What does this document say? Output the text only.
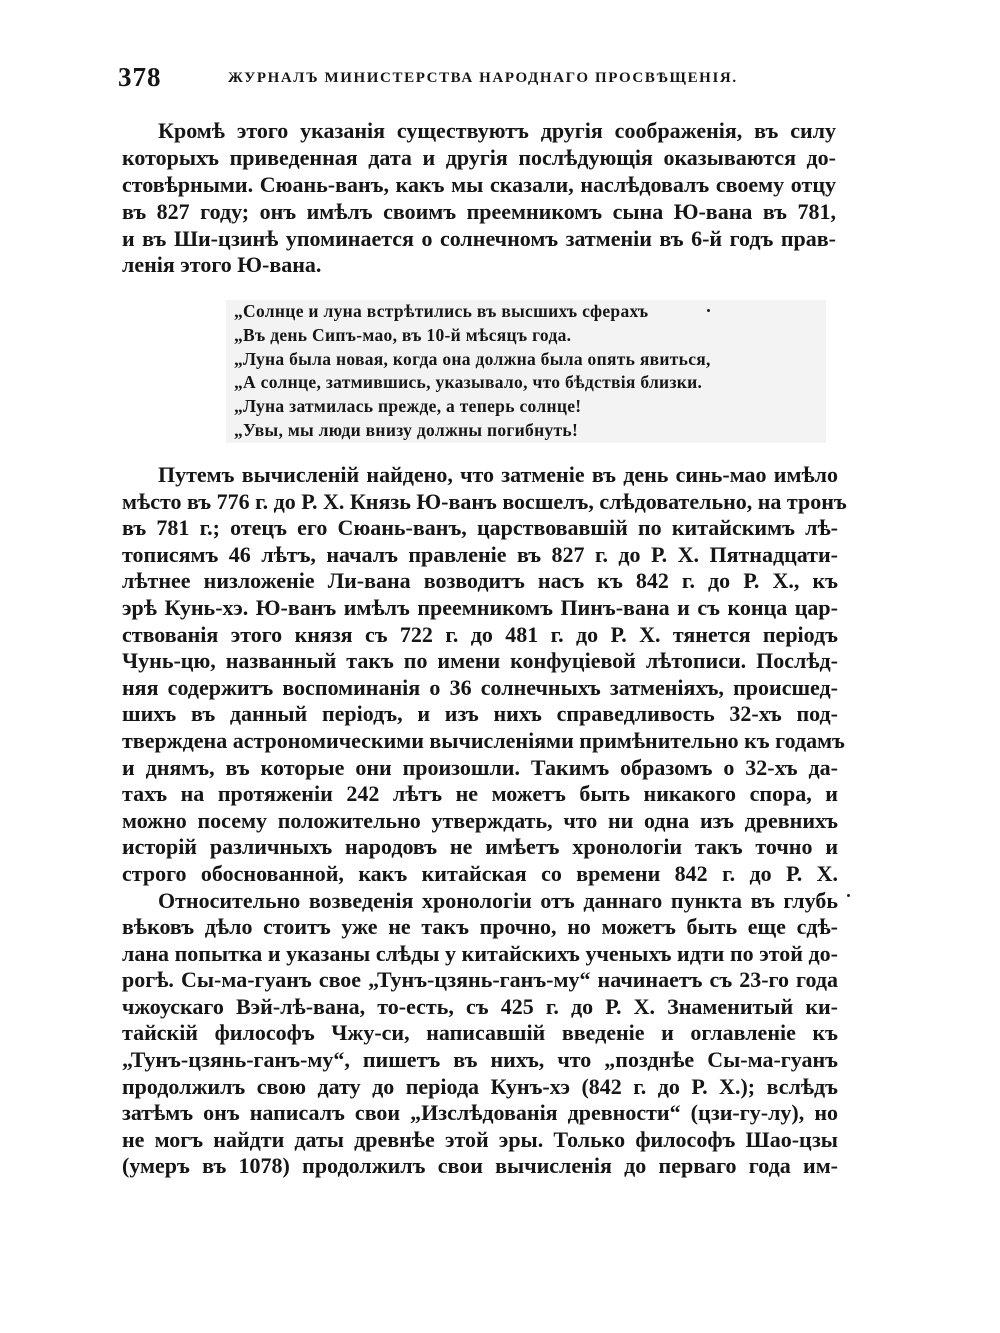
378	ЖУРНАЛЪ МИНИСТЕРСТВА НАРОДНАГО ПРОСВѢЩЕНІЯ.
Кромѣ этого указанія существуютъ другія соображенія, въ силу
которыхъ приведенная дата и другія послѣдующія оказываются до-
стовѣрными. Сюань-ванъ, какъ мы сказали, наслѣдовалъ своему отцу
въ 827 году; онъ имѣлъ своимъ преемникомъ сына Ю-вана въ 781,
и въ Ши-цзинѣ упоминается о солнечномъ затменіи въ 6-й годъ прав-
ленія этого Ю-вана.
„Солнце и луна встрѣтились въ высшихъ сферахъ
„Въ день Сипъ-мао, въ 10-й мѣсяцъ года.
„Луна была новая, когда она должна была опять явиться,
„А солнце, затмившись, указывало, что бѣдствія близки.
„Луна затмилась прежде, а теперь солнце!
„Увы, мы люди внизу должны погибнуть!
Путемъ вычисленій найдено, что затменіе въ день синь-мао имѣло
мѣсто въ 776 г. до Р. Х. Князь Ю-ванъ восшелъ, слѣдовательно, на тронъ
въ 781 г.; отецъ его Сюань-ванъ, царствовавшій по китайскимъ лѣ-
тописямъ 46 лѣтъ, началъ правленіе въ 827 г. до Р. Х. Пятнадцати-
лѣтнее низложеніе Ли-вана возводитъ насъ къ 842 г. до Р. Х., къ
эрѣ Кунь-хэ. Ю-ванъ имѣлъ преемникомъ Пинъ-вана и съ конца цар-
ствованія этого князя съ 722 г. до 481 г. до Р. Х. тянется періодъ
Чунь-цю, названный такъ по имени конфуціевой лѣтописи. Послѣд-
няя содержитъ воспоминанія о 36 солнечныхъ затменіяхъ, происшед-
шихъ въ данный періодъ, и изъ нихъ справедливость 32-хъ под-
тверждена астрономическими вычисленіями примѣнительно къ годамъ
и днямъ, въ которые они произошли. Такимъ образомъ о 32-хъ да-
тахъ на протяженіи 242 лѣтъ не можетъ быть никакого спора, и
можно посему положительно утверждать, что ни одна изъ древнихъ
исторій различныхъ народовъ не имѣетъ хронологіи такъ точно и
строго обоснованной, какъ китайская со времени 842 г. до Р. Х.
Относительно возведенія хронологіи отъ даннаго пункта въ глубь
вѣковъ дѣло стоитъ уже не такъ прочно, но можетъ быть еще сдѣ-
лана попытка и указаны слѣды у китайскихъ ученыхъ идти по этой до-
рогѣ. Сы-ма-гуанъ свое „Тунъ-цзянь-ганъ-му“ начинаетъ съ 23-го года
чжоускаго Вэй-лѣ-вана, то-есть, съ 425 г. до Р. Х. Знаменитый ки-
тайскій философъ Чжу-си, написавшій введеніе и оглавленіе къ
„Тунъ-цзянь-ганъ-му“, пишетъ въ нихъ, что „позднѣе Сы-ма-гуанъ
продолжилъ свою дату до періода Кунъ-хэ (842 г. до Р. Х.); вслѣдъ
затѣмъ онъ написалъ свои „Изслѣдованія древности“ (цзи-гу-лу), но
не могъ найдти даты древнѣе этой эры. Только философъ Шао-цзы
(умеръ въ 1078) продолжилъ свои вычисленія до перваго года им-
